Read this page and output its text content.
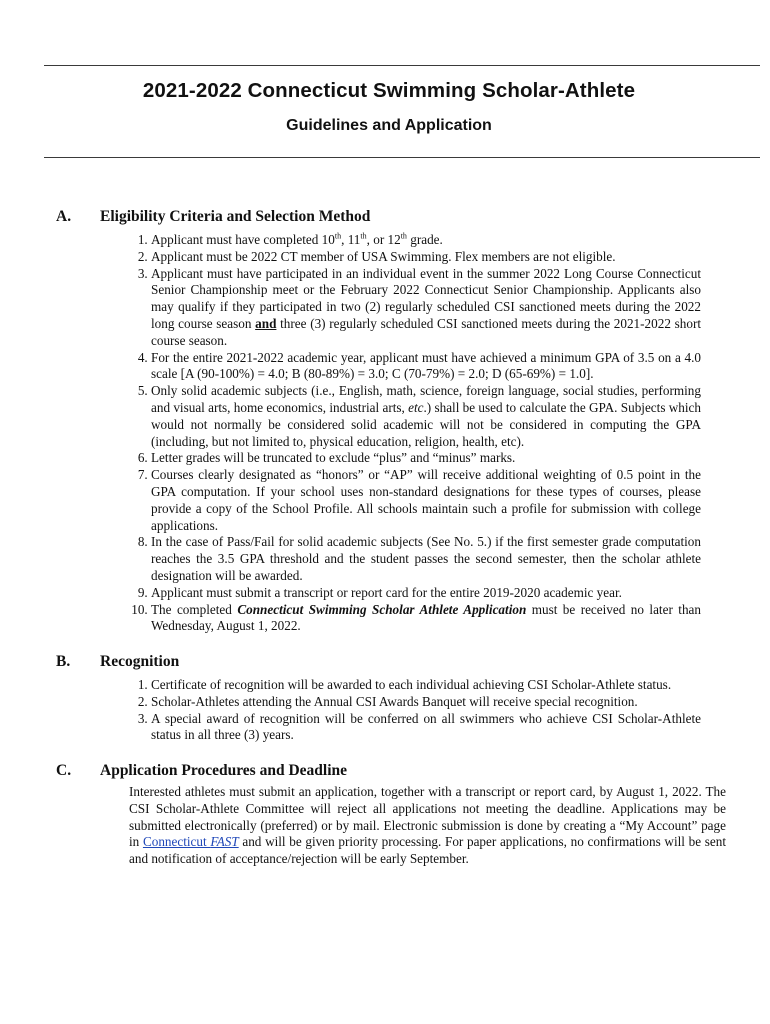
2021-2022 Connecticut Swimming Scholar-Athlete
Guidelines and Application
A. Eligibility Criteria and Selection Method
1. Applicant must have completed 10th, 11th, or 12th grade.
2. Applicant must be 2022 CT member of USA Swimming. Flex members are not eligible.
3. Applicant must have participated in an individual event in the summer 2022 Long Course Connecticut Senior Championship meet or the February 2022 Connecticut Senior Championship. Applicants also may qualify if they participated in two (2) regularly scheduled CSI sanctioned meets during the 2022 long course season and three (3) regularly scheduled CSI sanctioned meets during the 2021-2022 short course season.
4. For the entire 2021-2022 academic year, applicant must have achieved a minimum GPA of 3.5 on a 4.0 scale [A (90-100%) = 4.0; B (80-89%) = 3.0; C (70-79%) = 2.0; D (65-69%) = 1.0].
5. Only solid academic subjects (i.e., English, math, science, foreign language, social studies, performing and visual arts, home economics, industrial arts, etc.) shall be used to calculate the GPA. Subjects which would not normally be considered solid academic will not be considered in computing the GPA (including, but not limited to, physical education, religion, health, etc).
6. Letter grades will be truncated to exclude “plus” and “minus” marks.
7. Courses clearly designated as “honors” or “AP” will receive additional weighting of 0.5 point in the GPA computation. If your school uses non-standard designations for these types of courses, please provide a copy of the School Profile. All schools maintain such a profile for submission with college applications.
8. In the case of Pass/Fail for solid academic subjects (See No. 5.) if the first semester grade computation reaches the 3.5 GPA threshold and the student passes the second semester, then the scholar athlete designation will be awarded.
9. Applicant must submit a transcript or report card for the entire 2019-2020 academic year.
10. The completed Connecticut Swimming Scholar Athlete Application must be received no later than Wednesday, August 1, 2022.
B. Recognition
1. Certificate of recognition will be awarded to each individual achieving CSI Scholar-Athlete status.
2. Scholar-Athletes attending the Annual CSI Awards Banquet will receive special recognition.
3. A special award of recognition will be conferred on all swimmers who achieve CSI Scholar-Athlete status in all three (3) years.
C. Application Procedures and Deadline

Interested athletes must submit an application, together with a transcript or report card, by August 1, 2022. The CSI Scholar-Athlete Committee will reject all applications not meeting the deadline. Applications may be submitted electronically (preferred) or by mail. Electronic submission is done by creating a “My Account” page in Connecticut FAST and will be given priority processing. For paper applications, no confirmations will be sent and notification of acceptance/rejection will be early September.
